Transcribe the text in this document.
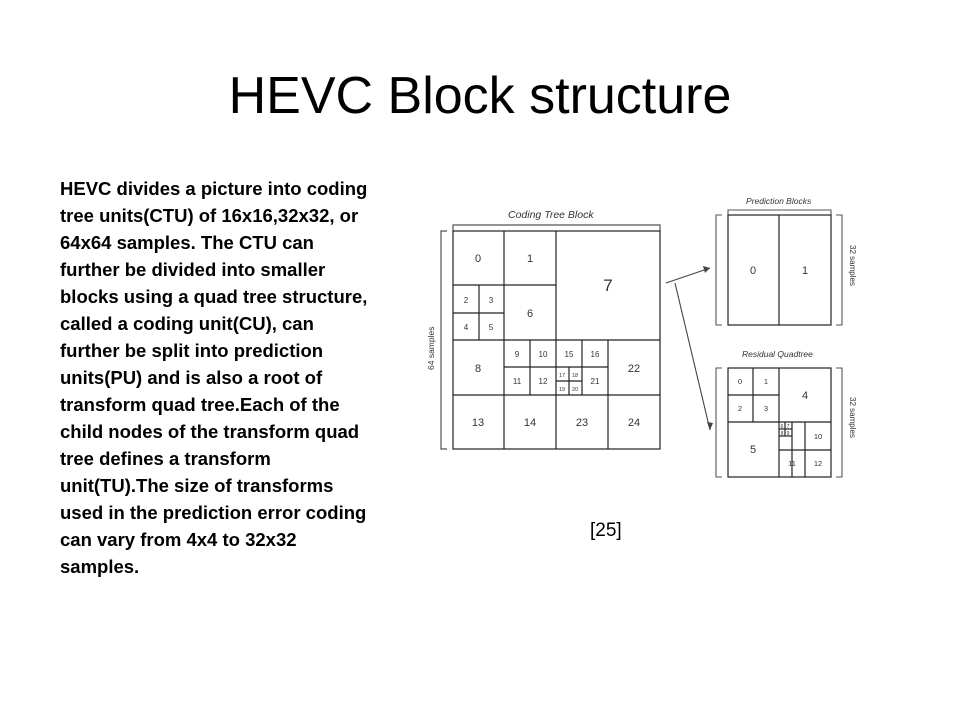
HEVC Block structure
HEVC divides a picture into coding tree units(CTU) of 16x16,32x32, or 64x64 samples. The CTU can further be divided into smaller blocks using a quad tree structure, called a coding unit(CU), can further be split into prediction units(PU) and is also a root of transform quad tree.Each of the child nodes of the transform quad tree defines a transform unit(TU).The size of transforms used in the prediction error coding can vary from 4x4 to 32x32 samples.
Coding Tree Block
64 samples
0	1
2	3
4	5
6
7
8
9 10
11 12
13	14
15 16
17 18
19 20
21
22
23	24
Prediction Blocks
32 samples
0	1
Residual Quadtree
32 samples
0	1
2	3
4
5
6 7
8 9	10
11 12
[25]
